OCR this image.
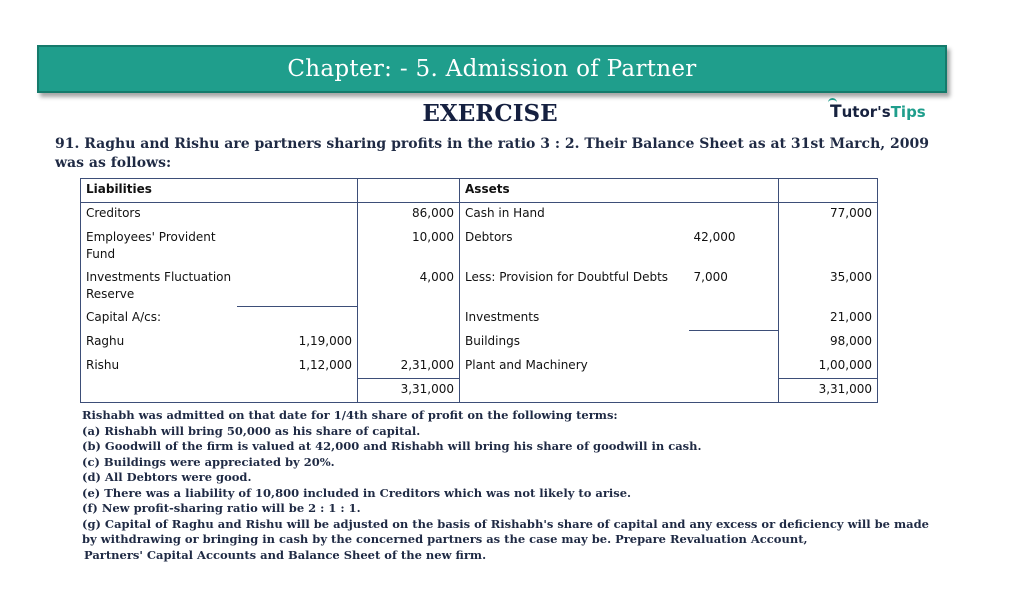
Chapter: - 5. Admission of Partner
EXERCISE	Tutor'sTips
91. Raghu and Rishu are partners sharing profits in the ratio 3 : 2. Their Balance Sheet as at 31st March, 2009 was as follows:
Liabilities			Assets		
Creditors		86,000	Cash in Hand		77,000
Employees' Provident Fund		10,000	Debtors	42,000	
Investments Fluctuation Reserve		4,000	Less: Provision for Doubtful Debts	7,000	35,000
Capital A/cs:			Investments		21,000
Raghu	1,19,000		Buildings		98,000
Rishu	1,12,000	2,31,000	Plant and Machinery		1,00,000
		3,31,000			3,31,000

Rishabh was admitted on that date for 1/4th share of profit on the following terms:

(a) Rishabh will bring 50,000 as his share of capital.

(b) Goodwill of the firm is valued at 42,000 and Rishabh will bring his share of goodwill in cash.

(c) Buildings were appreciated by 20%.

(d) All Debtors were good.

(e) There was a liability of 10,800 included in Creditors which was not likely to arise.

(f) New profit-sharing ratio will be 2 : 1 : 1.

(g) Capital of Raghu and Rishu will be adjusted on the basis of Rishabh's share of capital and any excess or deficiency will be made by withdrawing or bringing in cash by the concerned partners as the case may be. Prepare Revaluation Account,

Partners' Capital Accounts and Balance Sheet of the new firm.
